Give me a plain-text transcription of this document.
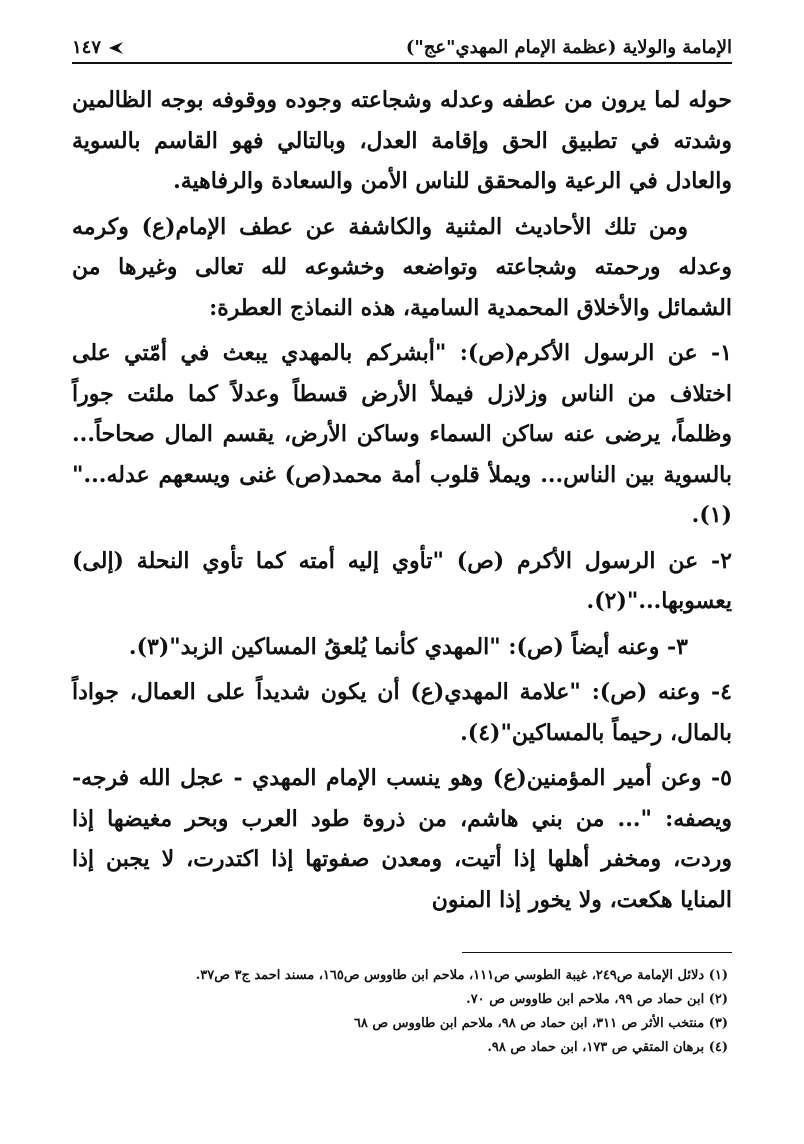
الإمامة والولاية (عظمة الإمام المهدي"عج")
١٤٧

حوله لما يرون من عطفه وعدله وشجاعته وجوده ووقوفه بوجه الظالمين وشدته في تطبيق الحق وإقامة العدل، وبالتالي فهو القاسم بالسوية والعادل في الرعية والمحقق للناس الأمن والسعادة والرفاهية.

ومن تلك الأحاديث المثنية والكاشفة عن عطف الإمام(ع) وكرمه وعدله ورحمته وشجاعته وتواضعه وخشوعه لله تعالى وغيرها من الشمائل والأخلاق المحمدية السامية، هذه النماذج العطرة:

١- عن الرسول الأكرم(ص): "أبشركم بالمهدي يبعث في أمّتي على اختلاف من الناس وزلازل فيملأ الأرض قسطاً وعدلاً كما ملئت جوراً وظلماً، يرضى عنه ساكن السماء وساكن الأرض، يقسم المال صحاحاً... بالسوية بين الناس... ويملأ قلوب أمة محمد(ص) غنى ويسعهم عدله..."(١).

٢- عن الرسول الأكرم (ص) "تأوي إليه أمته كما تأوي النحلة (إلى) يعسوبها..."(٢).

٣- وعنه أيضاً (ص): "المهدي كأنما يُلعقُ المساكين الزبد"(٣).

٤- وعنه (ص): "علامة المهدي(ع) أن يكون شديداً على العمال، جواداً بالمال، رحيماً بالمساكين"(٤).

٥- وعن أمير المؤمنين(ع) وهو ينسب الإمام المهدي - عجل الله فرجه- ويصفه: "... من بني هاشم، من ذروة طود العرب وبحر مغيضها إذا وردت، ومخفر أهلها إذا أتيت، ومعدن صفوتها إذا اكتدرت، لا يجبن إذا المنايا هكعت، ولا يخور إذا المنون

(١) دلائل الإمامة ص٢٤٩، غيبة الطوسي ص١١١، ملاحم ابن طاووس ص١٦٥، مسند احمد ج٣ ص٣٧.
(٢) ابن حماد ص ٩٩، ملاحم ابن طاووس ص ٧٠.
(٣) منتخب الأثر ص ٣١١، ابن حماد ص ٩٨، ملاحم ابن طاووس ص ٦٨
(٤) برهان المتقي ص ١٧٣، ابن حماد ص ٩٨.
